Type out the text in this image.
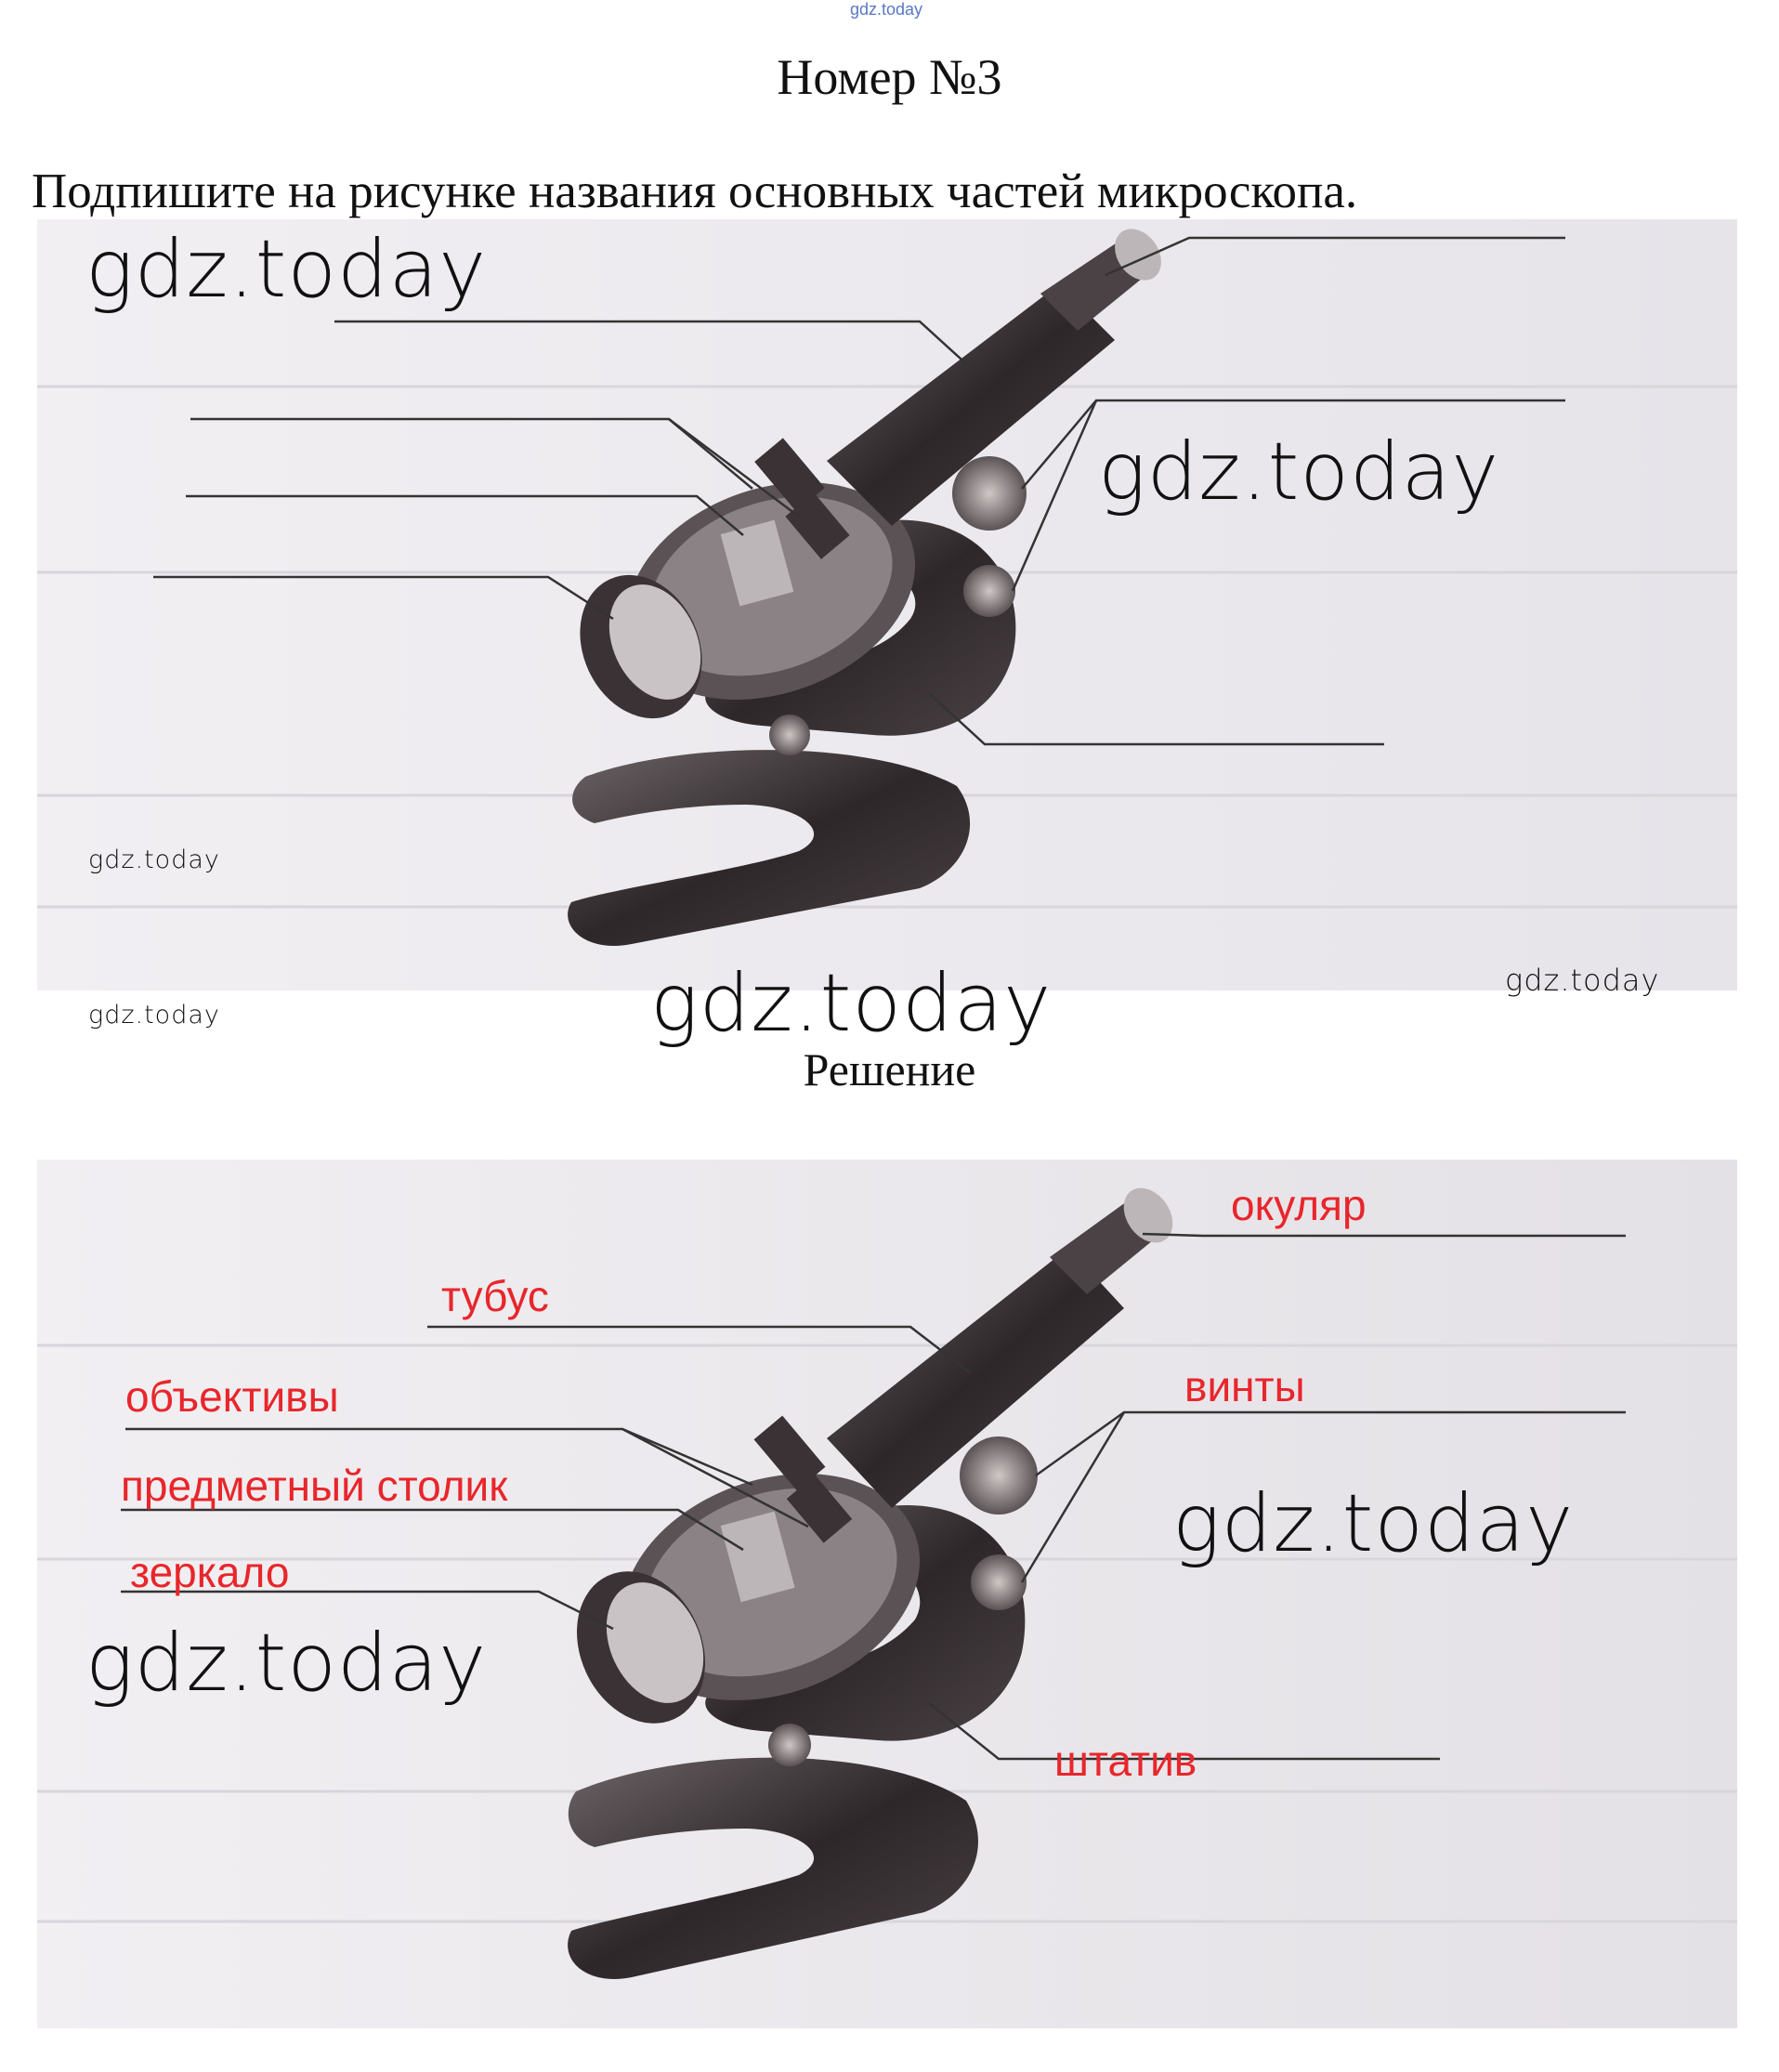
gdz.today
Номер №3
Подпишите на рисунке названия основных частей микроскопа.
gdz.today
gdz.today
gdz.today
gdz.today	gdz.today	gdz.today
Решение
окуляр
тубус
объективы
предметный столик
зеркало
винты
штатив
gdz.today
gdz.today
